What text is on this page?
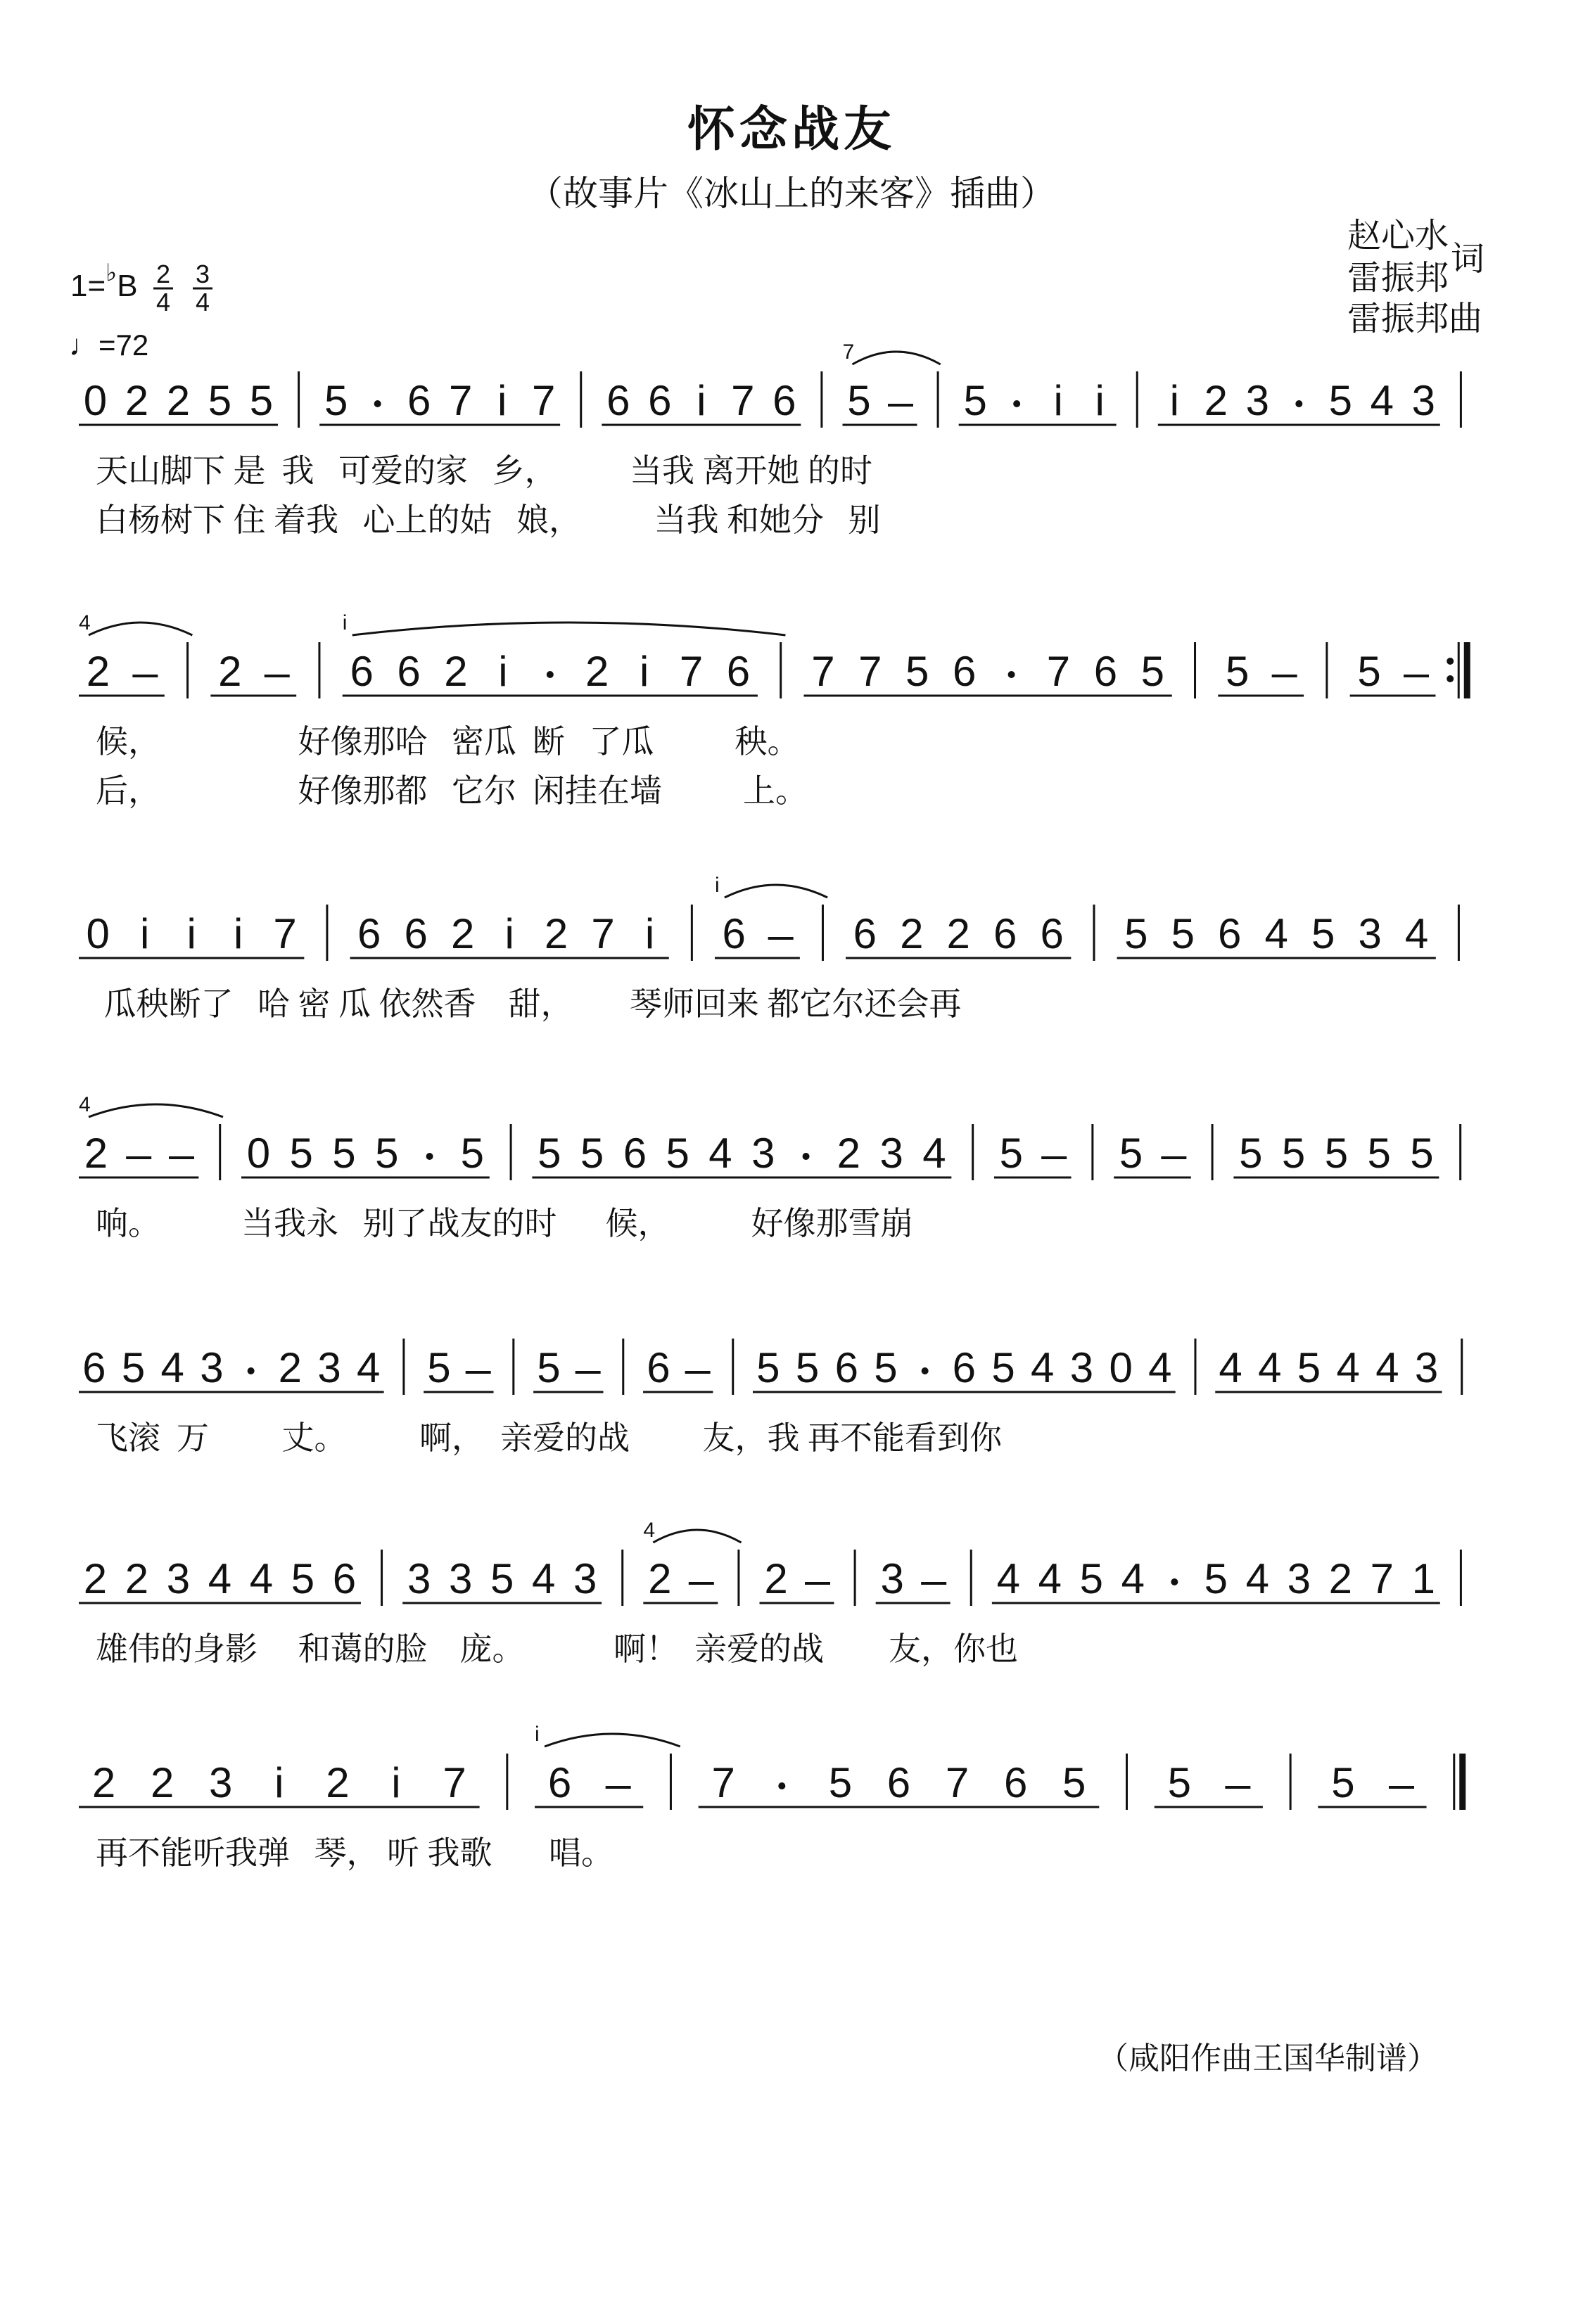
怀念战友
（故事片《冰山上的来客》插曲）
赵心水
雷振邦
词
雷振邦曲
1=♭B
♩=72
2
4
3
4
0 2 2 5 5 5 6 7 i 7 6 6 i 7 6 5
7
5 i i i 2 3 5 4 3
天山脚下 是  我   可爱的家   乡，         当我 离开她 的时
白杨树下 住 着我   心上的姑   娘，         当我 和她分   别
2
4
2	6 6 2 i 2 i 7 6
i
7 7 5 6 7 6 5 5	5
候，                 好像那哈   密瓜  断   了瓜          秧。
后，                 好像那都   它尔  闲挂在墙          上。
0 i i i 7 6 6 2 i 2 7 i 6
i
6 2 2 6 6 5 5 6 4 5 3 4
瓜秧断了   哈 密 瓜 依然香    甜，       琴师回来 都它尔还会再
2
4
0 5 5 5 5 5 5 6 5 4 3 2 3 4 5 5 5 5 5 5 5
响。          当我永   别了战友的时      候，          好像那雪崩
6 5 4 3 2 3 4 5 5 6 5 5 6 5 6 5 4 3 0 4 4 4 5 4 4 3
飞滚  万         丈。         啊，  亲爱的战         友，我 再不能看到你
2 2 3 4 4 5 6 3 3 5 4 3 2
4
2 3 4 4 5 4 5 4 3 2 7 1
雄伟的身影     和蔼的脸    庞。           啊！  亲爱的战        友，你也
2 2 3 i 2 i 7 6
i
7 5 6 7 6 5 5	5
再不能听我弹   琴， 听 我歌       唱。
（咸阳作曲王国华制谱）
